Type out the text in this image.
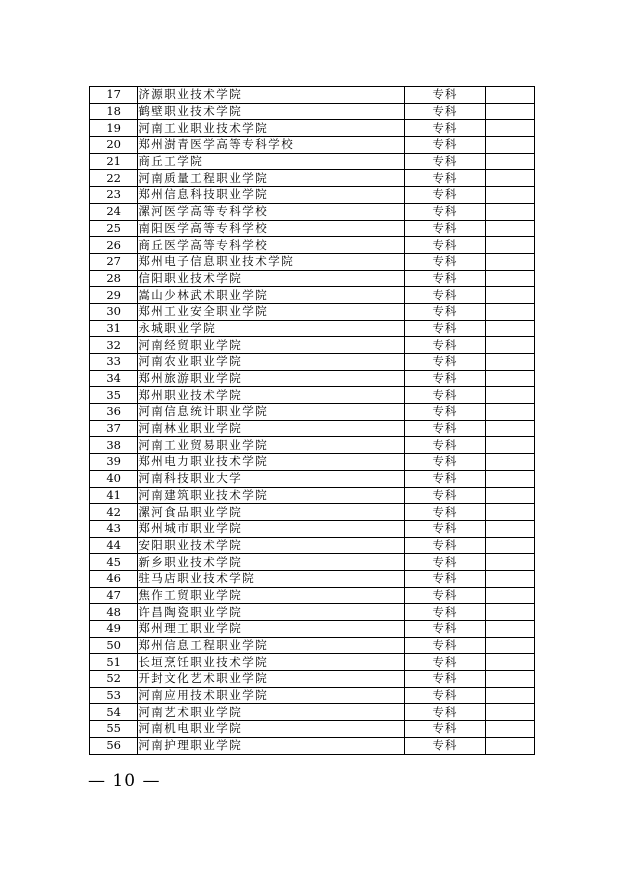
17	济源职业技术学院	专科	
18	鹤壁职业技术学院	专科	
19	河南工业职业技术学院	专科	
20	郑州澍青医学高等专科学校	专科	
21	商丘工学院	专科	
22	河南质量工程职业学院	专科	
23	郑州信息科技职业学院	专科	
24	漯河医学高等专科学校	专科	
25	南阳医学高等专科学校	专科	
26	商丘医学高等专科学校	专科	
27	郑州电子信息职业技术学院	专科	
28	信阳职业技术学院	专科	
29	嵩山少林武术职业学院	专科	
30	郑州工业安全职业学院	专科	
31	永城职业学院	专科	
32	河南经贸职业学院	专科	
33	河南农业职业学院	专科	
34	郑州旅游职业学院	专科	
35	郑州职业技术学院	专科	
36	河南信息统计职业学院	专科	
37	河南林业职业学院	专科	
38	河南工业贸易职业学院	专科	
39	郑州电力职业技术学院	专科	
40	河南科技职业大学	专科	
41	河南建筑职业技术学院	专科	
42	漯河食品职业学院	专科	
43	郑州城市职业学院	专科	
44	安阳职业技术学院	专科	
45	新乡职业技术学院	专科	
46	驻马店职业技术学院	专科	
47	焦作工贸职业学院	专科	
48	许昌陶瓷职业学院	专科	
49	郑州理工职业学院	专科	
50	郑州信息工程职业学院	专科	
51	长垣烹饪职业技术学院	专科	
52	开封文化艺术职业学院	专科	
53	河南应用技术职业学院	专科	
54	河南艺术职业学院	专科	
55	河南机电职业学院	专科	
56	河南护理职业学院	专科	
— 10 —
